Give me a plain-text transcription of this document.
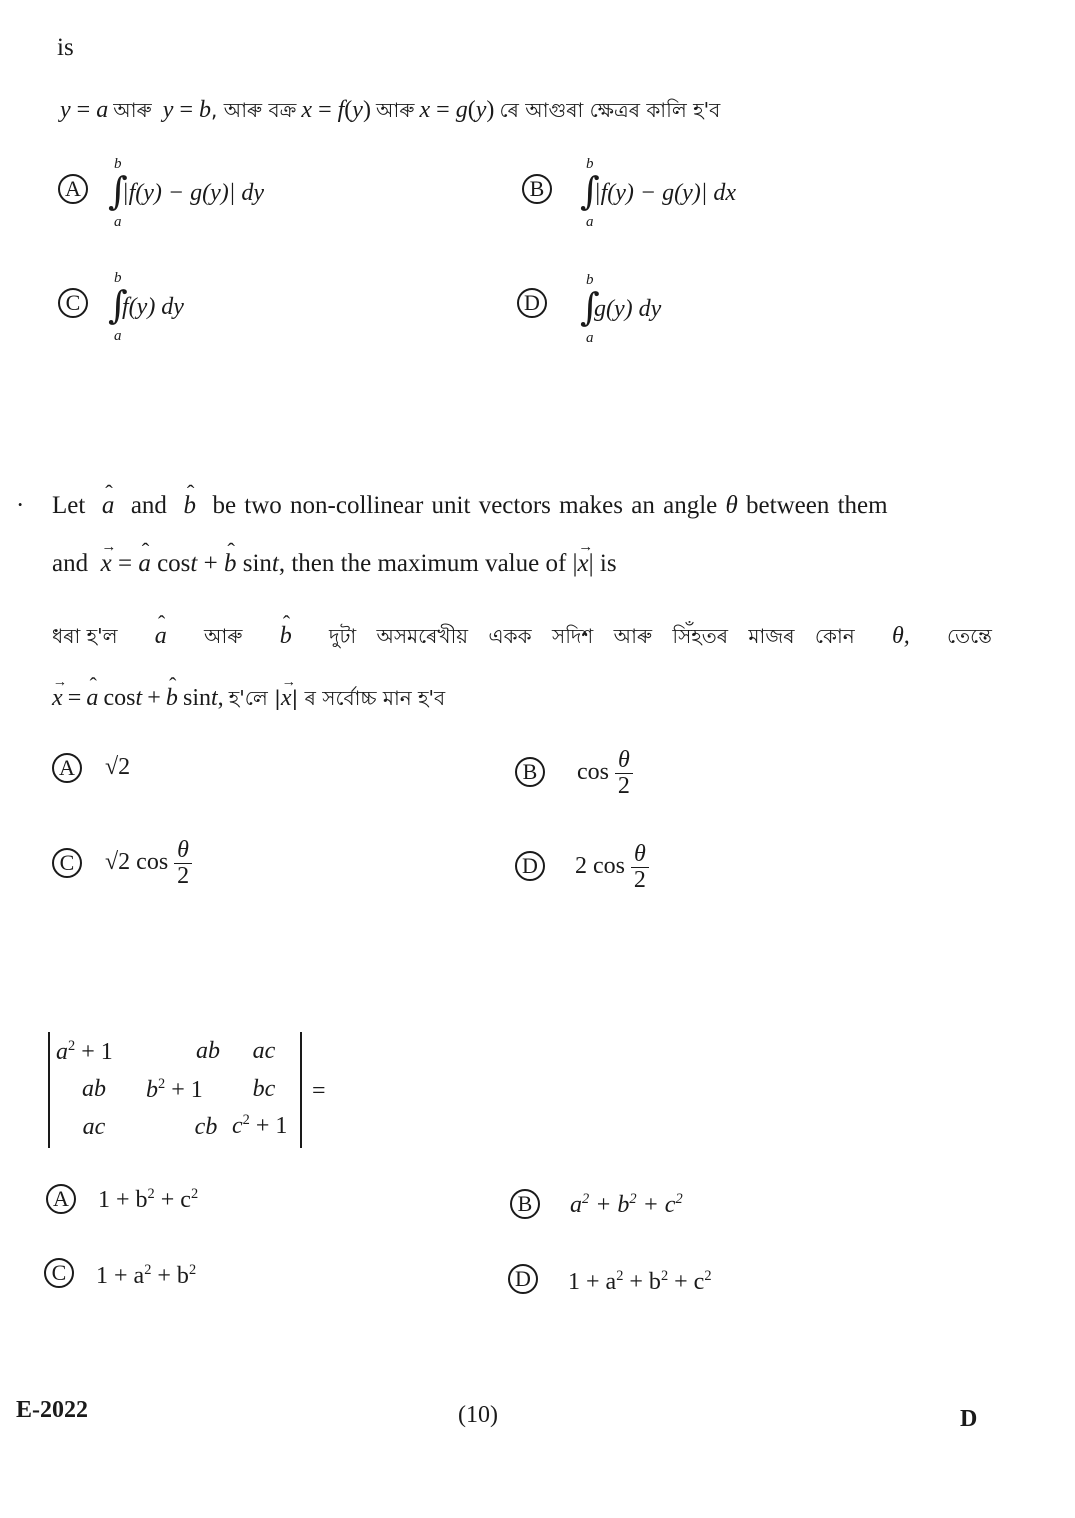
is
y = a আৰু y = b, আৰু বক্ৰ x = f(y) আৰু x = g(y) ৰে আগুৰা ক্ষেত্ৰৰ কালি হ'ব
A
b
∫
a
|f(y) − g(y)| dy	B
b
∫
a
|f(y) − g(y)| dx
C
b
∫
a
f(y) dy	D
b
∫
a
g(y) dy
· Let ˆ a and ˆ b be two non-collinear unit vectors makes an angle θ between them
and → x = ˆ a cost + ˆ b sint, then the maximum value of |→ x| is
ধৰা হ'ল ˆ a আৰু ˆ b দুটা অসমৰেখীয় একক সদিশ আৰু সিঁহতৰ মাজৰ কোন θ, তেন্তে
→ x = ˆ a cost + ˆ b sint, হ'লে |→ x| ৰ সৰ্বোচ্চ মান হ'ব
A √2	B	$\cos \frac{\theta}{2}$
C	√2 $\cos \frac{\theta}{2}$	D 2 $\cos \frac{\theta}{2}$
$a^2 + 1$	ab	ac
ab	$b^2 + 1$	bc
ac	cb $c^2 + 1$
=
A $1 + b^2 + c^2$	B	$a^2 + b^2 + c^2$
C	$1 + a^2 + b^2$	D $1 + a^2 + b^2 + c^2$
E-2022	(10)	D
